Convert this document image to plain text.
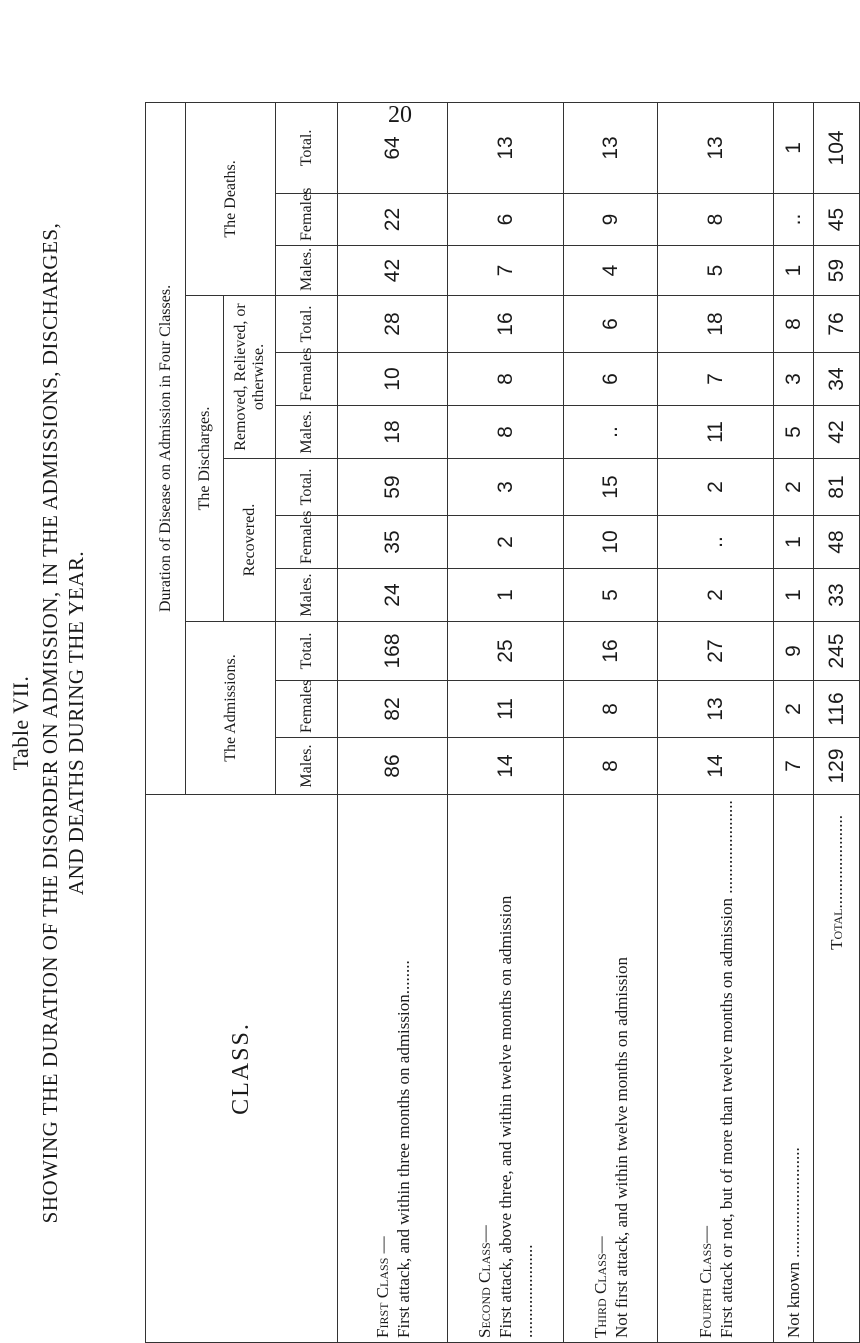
20
Table VII. SHOWING THE DURATION OF THE DISORDER ON ADMISSION, IN THE ADMISSIONS, DISCHARGES, AND DEATHS DURING THE YEAR.
CLASS.	Duration of Disease on Admission in Four Classes.											
	The Admissions.			The Discharges.						The Deaths.		
				Recovered.			Removed, Relieved, or otherwise.					
	Males.	Females	Total.	Males.	Females	Total.	Males.	Females	Total.	Males.	Females	Total.
First Class — First attack, and within three months on admission........	86	82	168	24	35	59	18	10	28	42	22	64
Second Class— First attack, above three, and within twelve months on admission ......................	14	11	25	1	2	3	8	8	16	7	6	13
Third Class— Not first attack, and within twelve months on admission	8	8	16	5	10	15	..	6	6	4	9	13
Fourth Class— First attack or not, but of more than twelve months on admission ......................	14	13	27	2	..	2	11	7	18	5	8	13
Not known ..........................	7	2	9	1	1	2	5	3	8	1	..	1
Total......................	129	116	245	33	48	81	42	34	76	59	45	104
